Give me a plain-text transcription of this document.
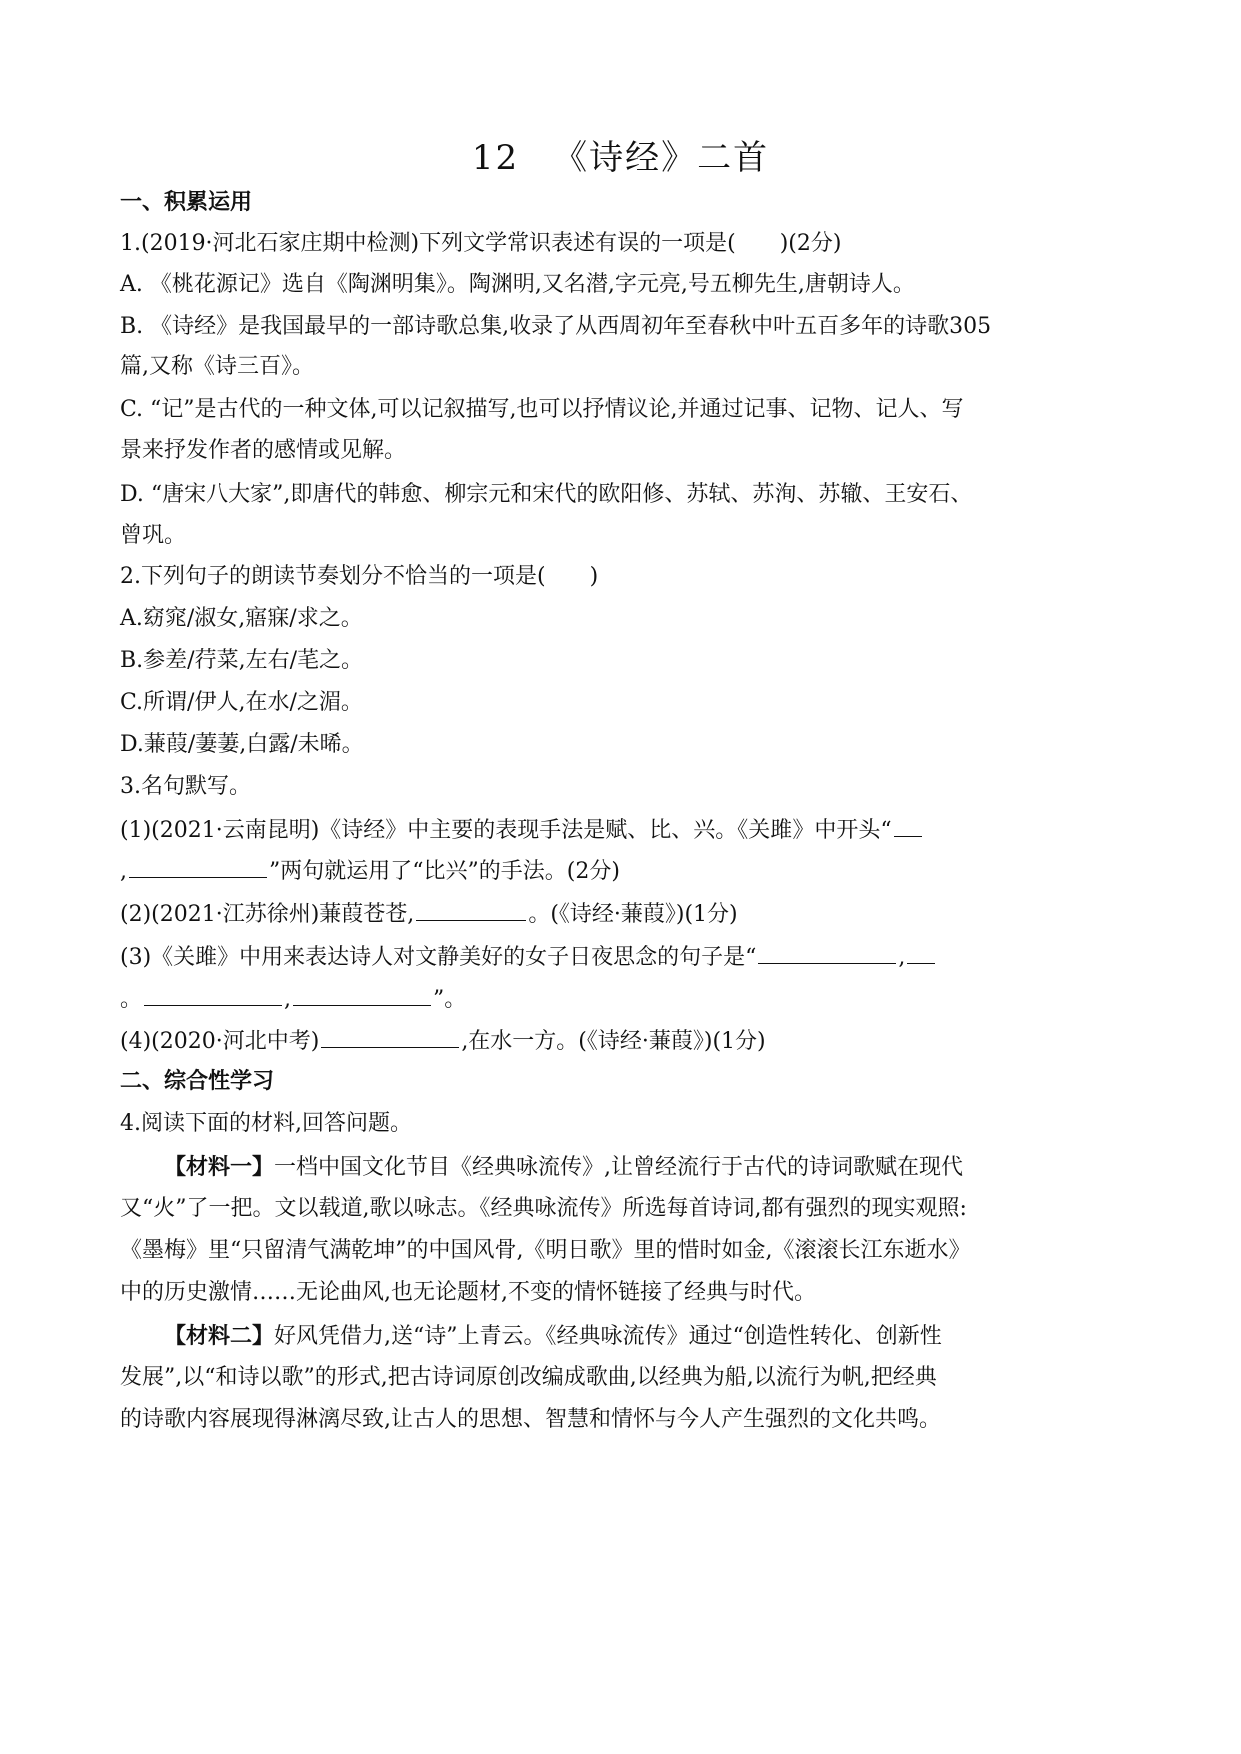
12 《诗经》二首
一、积累运用
1.(2019·河北石家庄期中检测)下列文学常识表述有误的一项是(　　)(2分)
A. 《桃花源记》选自《陶渊明集》。陶渊明,又名潜,字元亮,号五柳先生,唐朝诗人。
B. 《诗经》是我国最早的一部诗歌总集,收录了从西周初年至春秋中叶五百多年的诗歌305
篇,又称《诗三百》。
C. “记”是古代的一种文体,可以记叙描写,也可以抒情议论,并通过记事、记物、记人、写
景来抒发作者的感情或见解。
D. “唐宋八大家”,即唐代的韩愈、柳宗元和宋代的欧阳修、苏轼、苏洵、苏辙、王安石、
曾巩。
2.下列句子的朗读节奏划分不恰当的一项是(　　)
A.窈窕/淑女,寤寐/求之。
B.参差/荇菜,左右/芼之。
C.所谓/伊人,在水/之湄。
D.蒹葭/萋萋,白露/未晞。
3.名句默写。
(1)(2021·云南昆明)《诗经》中主要的表现手法是赋、比、兴。《关雎》中开头“
,	”两句就运用了“比兴”的手法。(2分)
(2)(2021·江苏徐州)蒹葭苍苍,	。(《诗经·蒹葭》)(1分)
(3)《关雎》中用来表达诗人对文静美好的女子日夜思念的句子是“	,
。	,	”。
(4)(2020·河北中考)	,在水一方。(《诗经·蒹葭》)(1分)
二、综合性学习
4.阅读下面的材料,回答问题。
【材料一】一档中国文化节目《经典咏流传》,让曾经流行于古代的诗词歌赋在现代
又“火”了一把。文以载道,歌以咏志。《经典咏流传》所选每首诗词,都有强烈的现实观照:
《墨梅》里“只留清气满乾坤”的中国风骨,《明日歌》里的惜时如金,《滚滚长江东逝水》
中的历史激情……无论曲风,也无论题材,不变的情怀链接了经典与时代。
【材料二】好风凭借力,送“诗”上青云。《经典咏流传》通过“创造性转化、创新性
发展”,以“和诗以歌”的形式,把古诗词原创改编成歌曲,以经典为船,以流行为帆,把经典
的诗歌内容展现得淋漓尽致,让古人的思想、智慧和情怀与今人产生强烈的文化共鸣。
